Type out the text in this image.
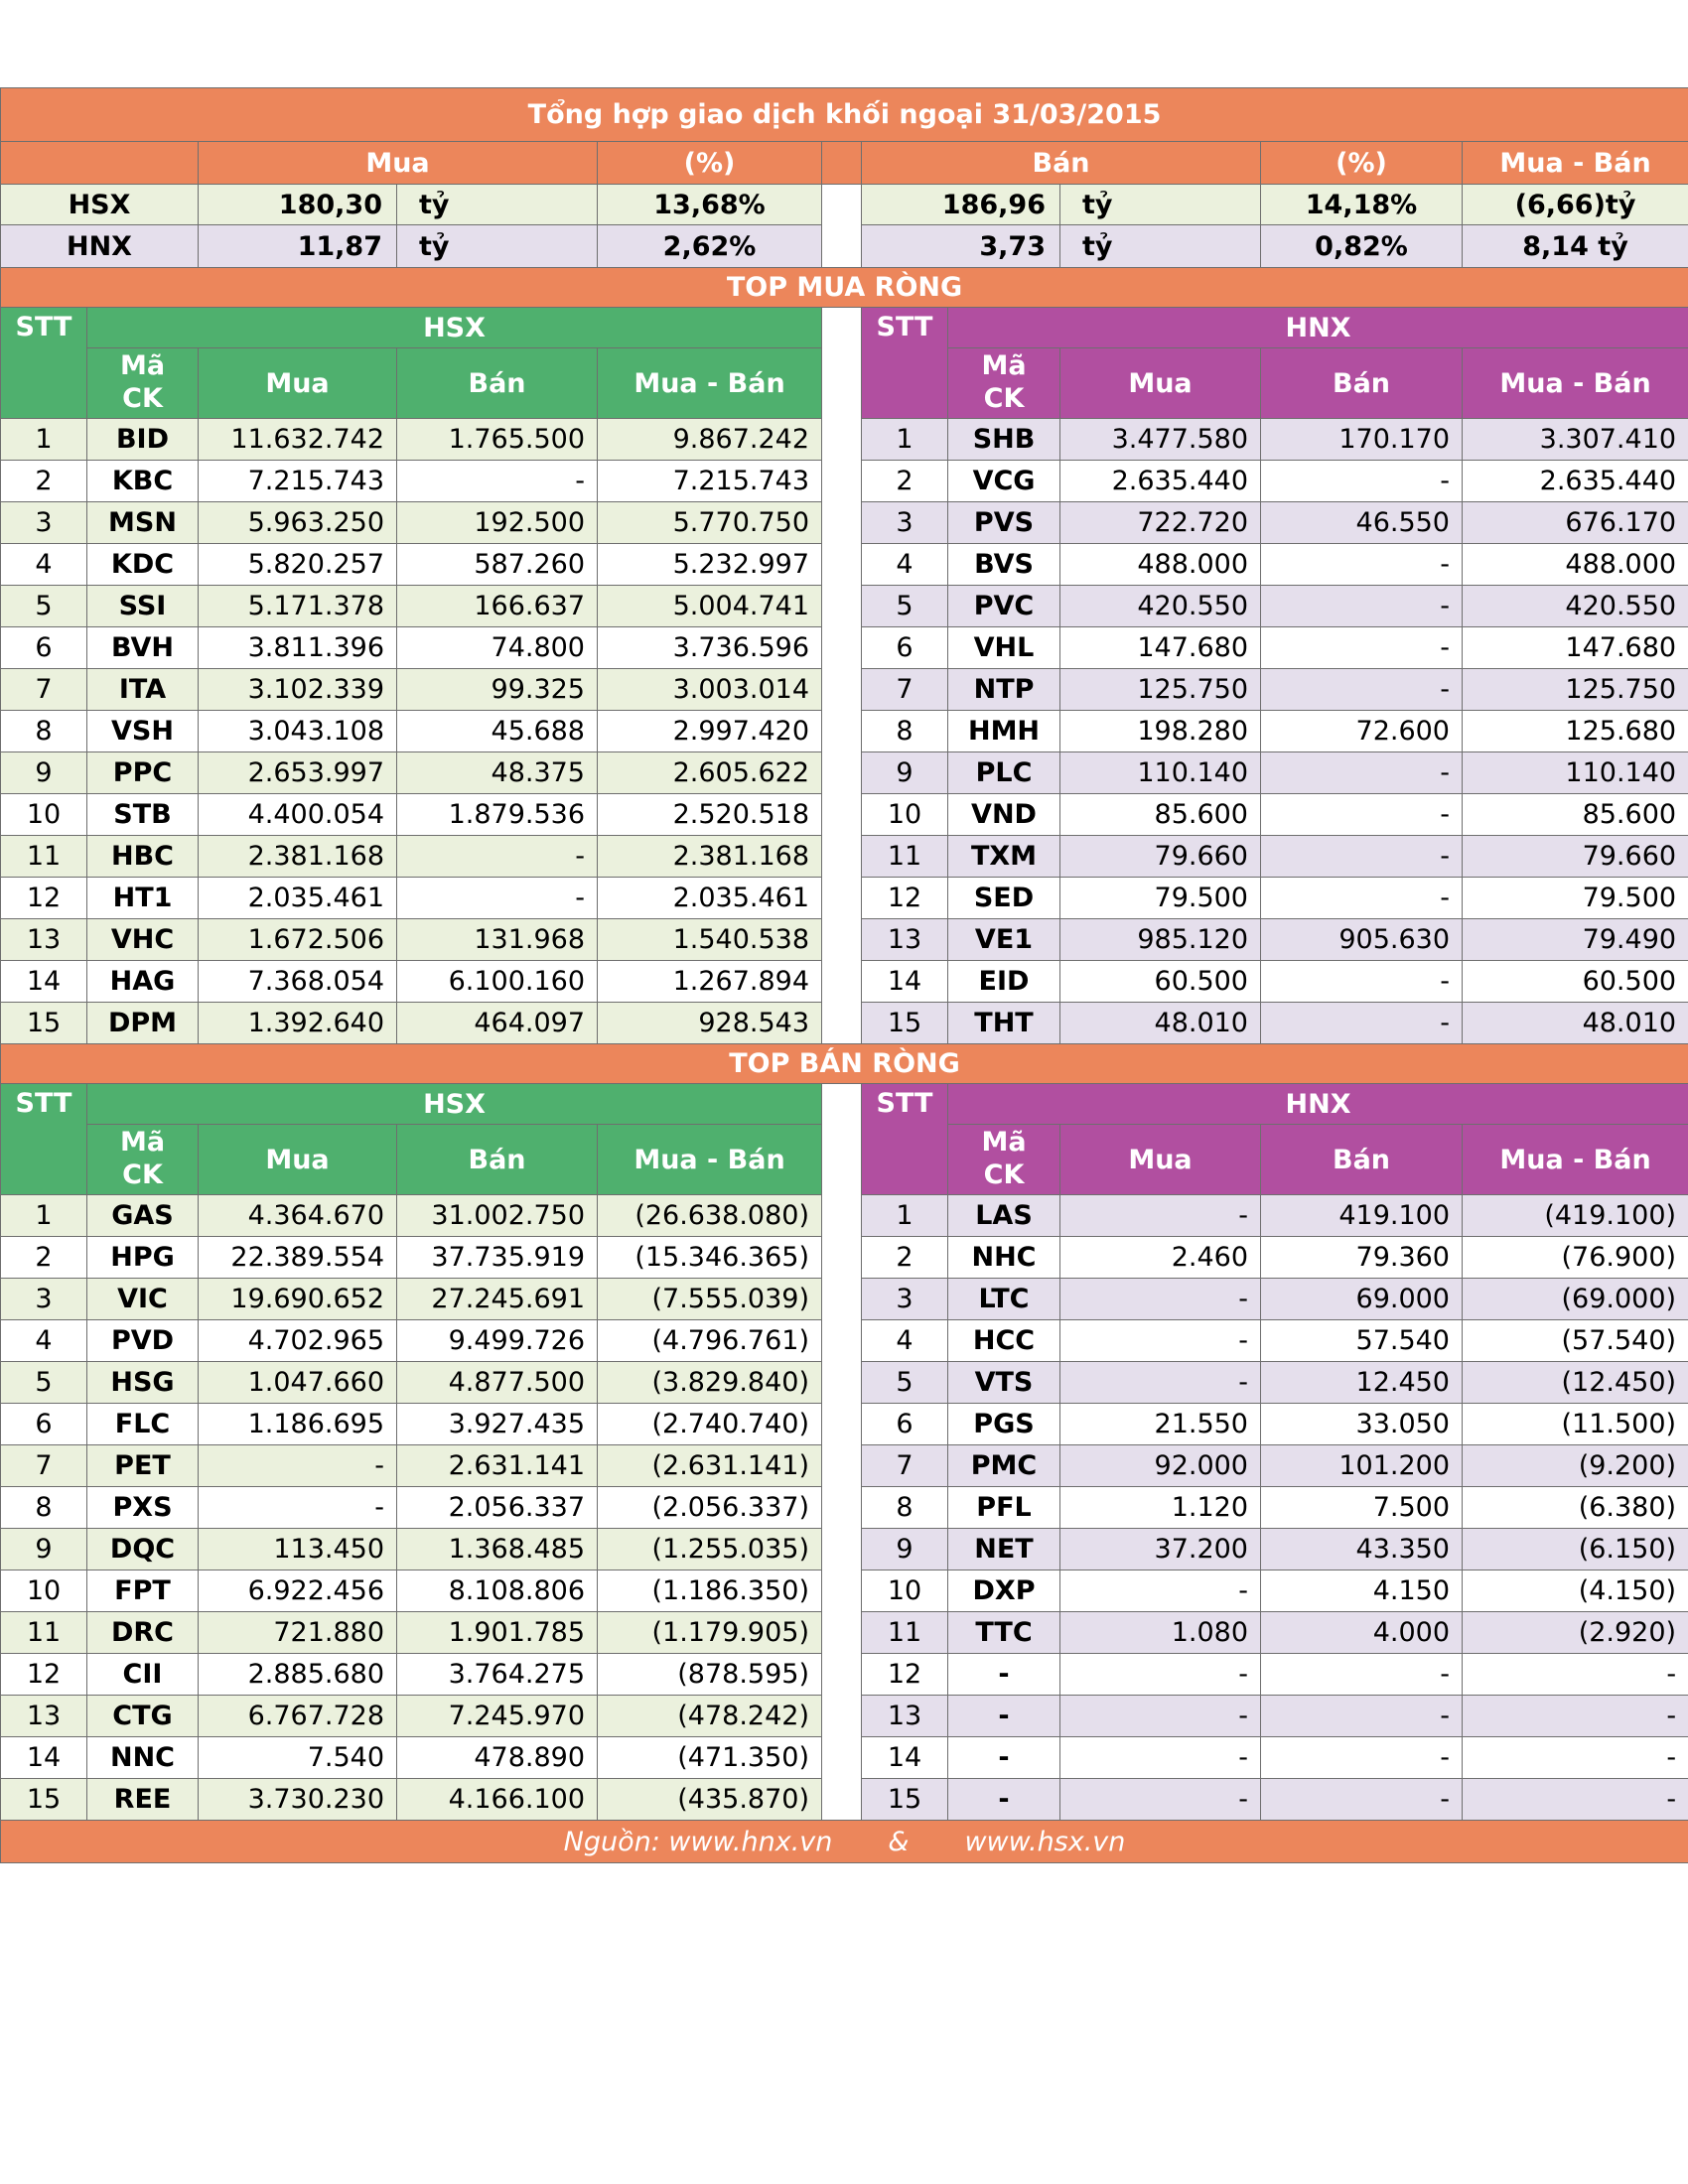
Tổng hợp giao dịch khối ngoại 31/03/2015										
		Mua		(%)		Bán			(%)	Mua - Bán
HSX		180,30	tỷ	13,68%		186,96		tỷ	14,18%	(6,66)tỷ
HNX		11,87	tỷ	2,62%		3,73		tỷ	0,82%	8,14 tỷ
TOP MUA RÒNG										
STT	HSX					STT	HNX			
	Mã
CK	Mua	Bán	Mua - Bán			Mã
CK	Mua	Bán	Mua - Bán
1	BID	11.632.742	1.765.500	9.867.242		1	SHB	3.477.580	170.170	3.307.410
2	KBC	7.215.743	-	7.215.743		2	VCG	2.635.440	-	2.635.440
3	MSN	5.963.250	192.500	5.770.750		3	PVS	722.720	46.550	676.170
4	KDC	5.820.257	587.260	5.232.997		4	BVS	488.000	-	488.000
5	SSI	5.171.378	166.637	5.004.741		5	PVC	420.550	-	420.550
6	BVH	3.811.396	74.800	3.736.596		6	VHL	147.680	-	147.680
7	ITA	3.102.339	99.325	3.003.014		7	NTP	125.750	-	125.750
8	VSH	3.043.108	45.688	2.997.420		8	HMH	198.280	72.600	125.680
9	PPC	2.653.997	48.375	2.605.622		9	PLC	110.140	-	110.140
10	STB	4.400.054	1.879.536	2.520.518		10	VND	85.600	-	85.600
11	HBC	2.381.168	-	2.381.168		11	TXM	79.660	-	79.660
12	HT1	2.035.461	-	2.035.461		12	SED	79.500	-	79.500
13	VHC	1.672.506	131.968	1.540.538		13	VE1	985.120	905.630	79.490
14	HAG	7.368.054	6.100.160	1.267.894		14	EID	60.500	-	60.500
15	DPM	1.392.640	464.097	928.543		15	THT	48.010	-	48.010
TOP BÁN RÒNG										
STT	HSX					STT	HNX			
	Mã
CK	Mua	Bán	Mua - Bán			Mã
CK	Mua	Bán	Mua - Bán
1	GAS	4.364.670	31.002.750	(26.638.080)		1	LAS	-	419.100	(419.100)
2	HPG	22.389.554	37.735.919	(15.346.365)		2	NHC	2.460	79.360	(76.900)
3	VIC	19.690.652	27.245.691	(7.555.039)		3	LTC	-	69.000	(69.000)
4	PVD	4.702.965	9.499.726	(4.796.761)		4	HCC	-	57.540	(57.540)
5	HSG	1.047.660	4.877.500	(3.829.840)		5	VTS	-	12.450	(12.450)
6	FLC	1.186.695	3.927.435	(2.740.740)		6	PGS	21.550	33.050	(11.500)
7	PET	-	2.631.141	(2.631.141)		7	PMC	92.000	101.200	(9.200)
8	PXS	-	2.056.337	(2.056.337)		8	PFL	1.120	7.500	(6.380)
9	DQC	113.450	1.368.485	(1.255.035)		9	NET	37.200	43.350	(6.150)
10	FPT	6.922.456	8.108.806	(1.186.350)		10	DXP	-	4.150	(4.150)
11	DRC	721.880	1.901.785	(1.179.905)		11	TTC	1.080	4.000	(2.920)
12	CII	2.885.680	3.764.275	(878.595)		12	-	-	-	-
13	CTG	6.767.728	7.245.970	(478.242)		13	-	-	-	-
14	NNC	7.540	478.890	(471.350)		14	-	-	-	-
15	REE	3.730.230	4.166.100	(435.870)		15	-	-	-	-
Nguồn: www.hnx.vn & www.hsx.vn										
